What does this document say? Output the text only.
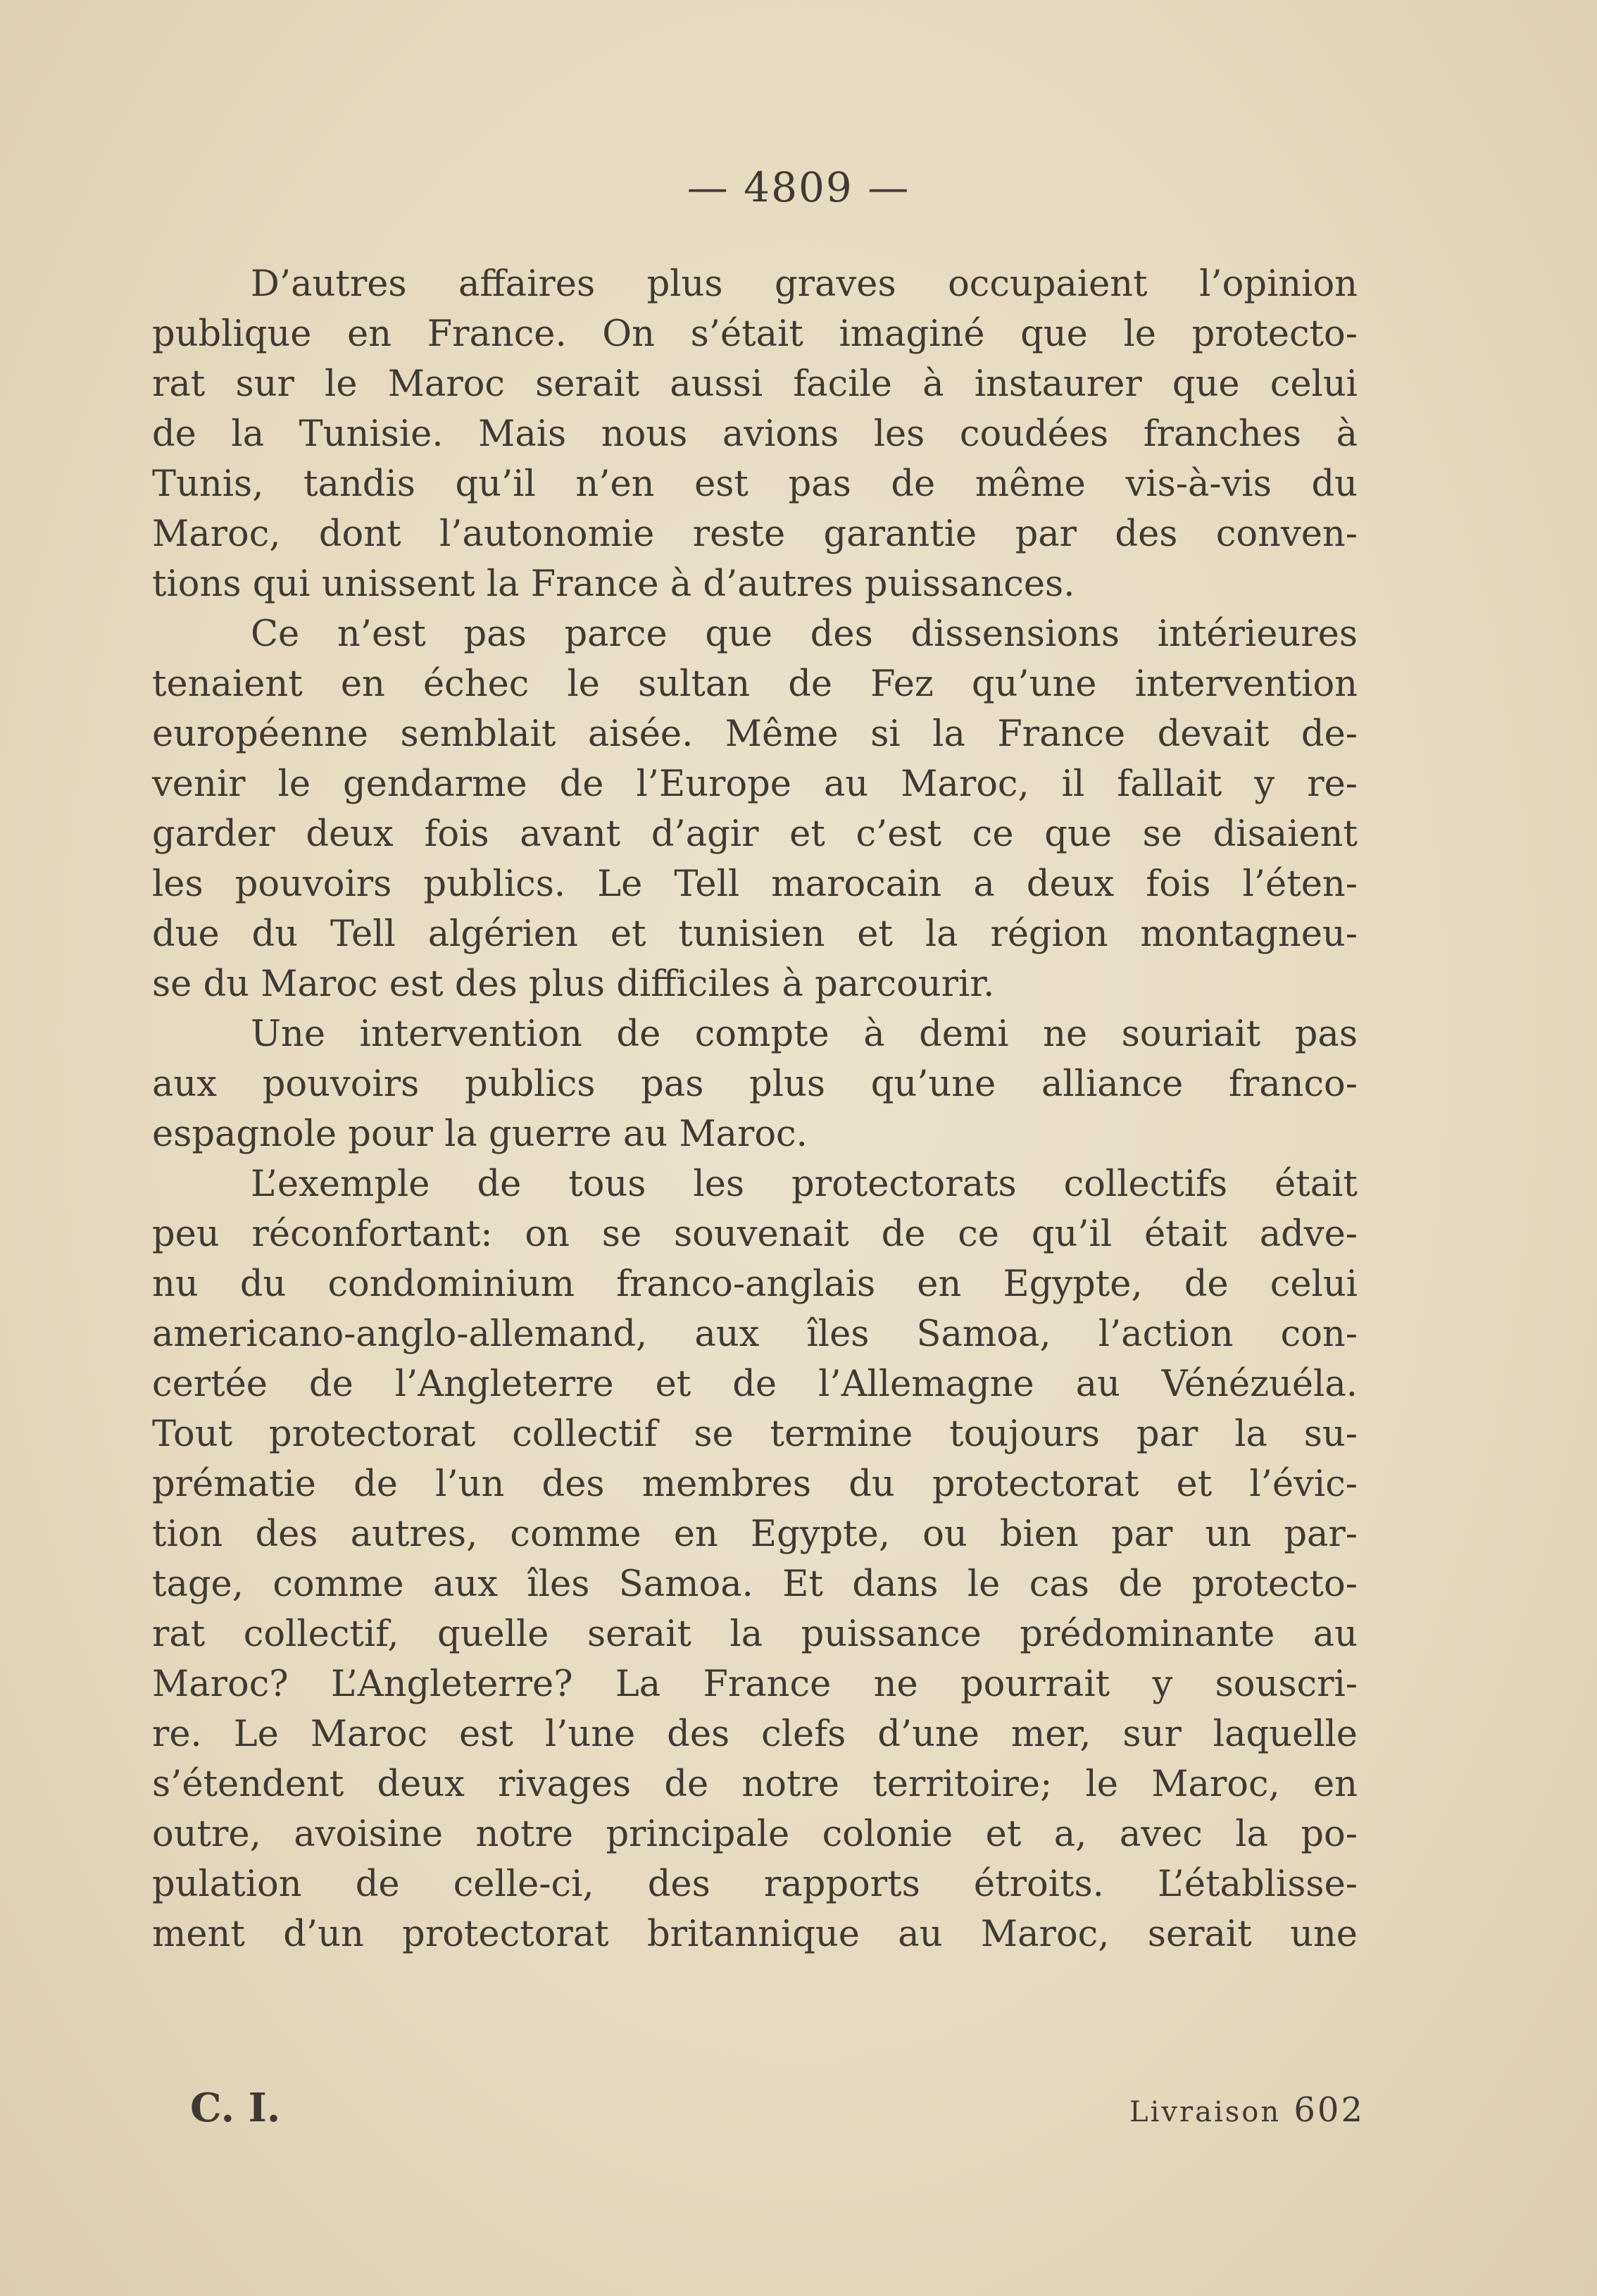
— 4809 —
D’autres affaires plus graves occupaient l’opinion
publique en France. On s’était imaginé que le protecto-
rat sur le Maroc serait aussi facile à instaurer que celui
de la Tunisie. Mais nous avions les coudées franches à
Tunis, tandis qu’il n’en est pas de même vis-à-vis du
Maroc, dont l’autonomie reste garantie par des conven-
tions qui unissent la France à d’autres puissances.
Ce n’est pas parce que des dissensions intérieures
tenaient en échec le sultan de Fez qu’une intervention
européenne semblait aisée. Même si la France devait de-
venir le gendarme de l’Europe au Maroc, il fallait y re-
garder deux fois avant d’agir et c’est ce que se disaient
les pouvoirs publics. Le Tell marocain a deux fois l’éten-
due du Tell algérien et tunisien et la région montagneu-
se du Maroc est des plus difficiles à parcourir.
Une intervention de compte à demi ne souriait pas
aux pouvoirs publics pas plus qu’une alliance franco-
espagnole pour la guerre au Maroc.
L’exemple de tous les protectorats collectifs était
peu réconfortant: on se souvenait de ce qu’il était adve-
nu du condominium franco-anglais en Egypte, de celui
americano-anglo-allemand, aux îles Samoa, l’action con-
certée de l’Angleterre et de l’Allemagne au Vénézuéla.
Tout protectorat collectif se termine toujours par la su-
prématie de l’un des membres du protectorat et l’évic-
tion des autres, comme en Egypte, ou bien par un par-
tage, comme aux îles Samoa. Et dans le cas de protecto-
rat collectif, quelle serait la puissance prédominante au
Maroc? L’Angleterre? La France ne pourrait y souscri-
re. Le Maroc est l’une des clefs d’une mer, sur laquelle
s’étendent deux rivages de notre territoire; le Maroc, en
outre, avoisine notre principale colonie et a, avec la po-
pulation de celle-ci, des rapports étroits. L’établisse-
ment d’un protectorat britannique au Maroc, serait une
C. I.	Livraison 602
